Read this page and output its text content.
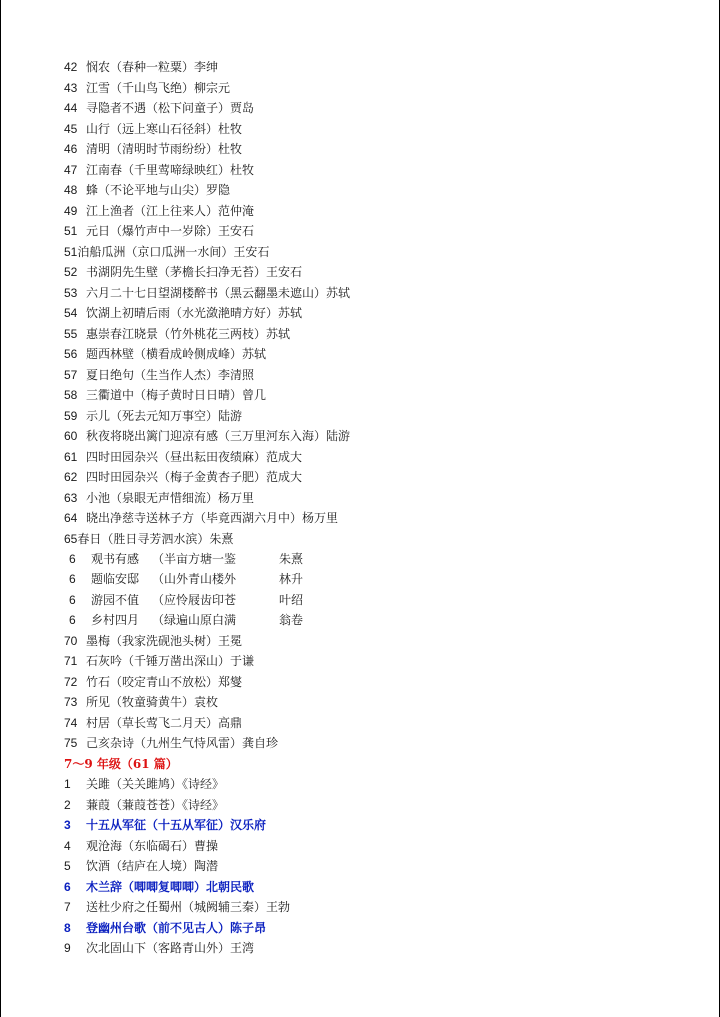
42 悯农（春种一粒粟）李绅
43 江雪（千山鸟飞绝）柳宗元
44 寻隐者不遇（松下问童子）贾岛
45 山行（远上寒山石径斜）杜牧
46 清明（清明时节雨纷纷）杜牧
47 江南春（千里莺啼绿映红）杜牧
48 蜂（不论平地与山尖）罗隐
49 江上渔者（江上往来人）范仲淹
51 元日（爆竹声中一岁除）王安石
51泊船瓜洲（京口瓜洲一水间）王安石
52 书湖阴先生壁（茅檐长扫净无苔）王安石
53 六月二十七日望湖楼醉书（黑云翻墨未遮山）苏轼
54 饮湖上初晴后雨（水光潋滟晴方好）苏轼
55 惠崇春江晓景（竹外桃花三两枝）苏轼
56 题西林壁（横看成岭侧成峰）苏轼
57 夏日绝句（生当作人杰）李清照
58 三衢道中（梅子黄时日日晴）曾几
59 示儿（死去元知万事空）陆游
60 秋夜将晓出篱门迎凉有感（三万里河东入海）陆游
61 四时田园杂兴（昼出耘田夜绩麻）范成大
62 四时田园杂兴（梅子金黄杏子肥）范成大
63 小池（泉眼无声惜细流）杨万里
64 晓出净慈寺送林子方（毕竟西湖六月中）杨万里
65春日（胜日寻芳泗水滨）朱熹
6 观书有感 （半亩方塘一鉴	朱熹
6 题临安邸 （山外青山楼外	林升
6 游园不值 （应怜屐齿印苍	叶绍
6 乡村四月 （绿遍山原白满	翁卷
70 墨梅（我家洗砚池头树）王冕
71 石灰吟（千锤万凿出深山）于谦
72 竹石（咬定青山不放松）郑燮
73 所见（牧童骑黄牛）袁枚
74 村居（草长莺飞二月天）高鼎
75 己亥杂诗（九州生气恃风雷）龚自珍
7～9 年级（61 篇）
1 关雎（关关雎鸠）《诗经》
2 蒹葭（蒹葭苍苍）《诗经》
3 十五从军征（十五从军征）汉乐府
4 观沧海（东临碣石）曹操
5 饮酒（结庐在人境）陶潜
6 木兰辞（唧唧复唧唧）北朝民歌
7 送杜少府之任蜀州（城阙辅三秦）王勃
8 登幽州台歌（前不见古人）陈子昂
9 次北固山下（客路青山外）王湾
